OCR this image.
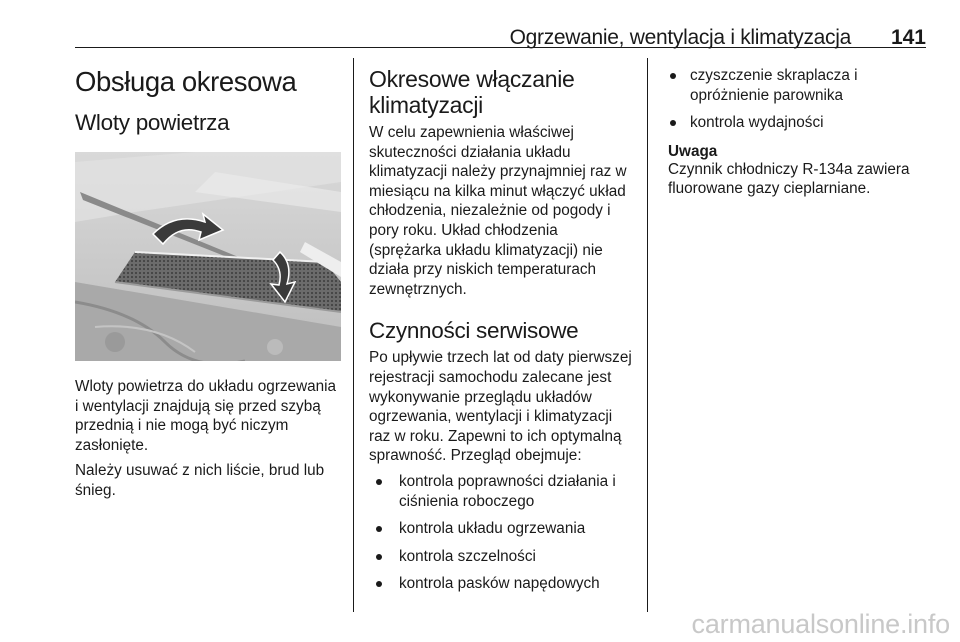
Ogrzewanie, wentylacja i klimatyzacja 141
Obsługa okresowa
Wloty powietrza

Wloty powietrza do układu ogrzewania i wentylacji znajdują się przed szybą przednią i nie mogą być niczym zasłonięte.

Należy usuwać z nich liście, brud lub śnieg.

Okresowe włączanie klimatyzacji

W celu zapewnienia właściwej skuteczności działania układu klimatyzacji należy przynajmniej raz w miesiącu na kilka minut włączyć układ chłodzenia, niezależnie od pogody i pory roku. Układ chłodzenia (sprężarka układu klimatyzacji) nie działa przy niskich temperaturach zewnętrznych.

Czynności serwisowe

Po upływie trzech lat od daty pierwszej rejestracji samochodu zalecane jest wykonywanie przeglądu układów ogrzewania, wentylacji i klimatyzacji raz w roku. Zapewni to ich optymalną sprawność. Przegląd obejmuje:

kontrola poprawności działania i ciśnienia roboczego
kontrola układu ogrzewania
kontrola szczelności
kontrola pasków napędowych
czyszczenie skraplacza i opróżnienie parownika
kontrola wydajności
Uwaga
Czynnik chłodniczy R-134a zawiera fluorowane gazy cieplarniane.
carmanualsonline.info
